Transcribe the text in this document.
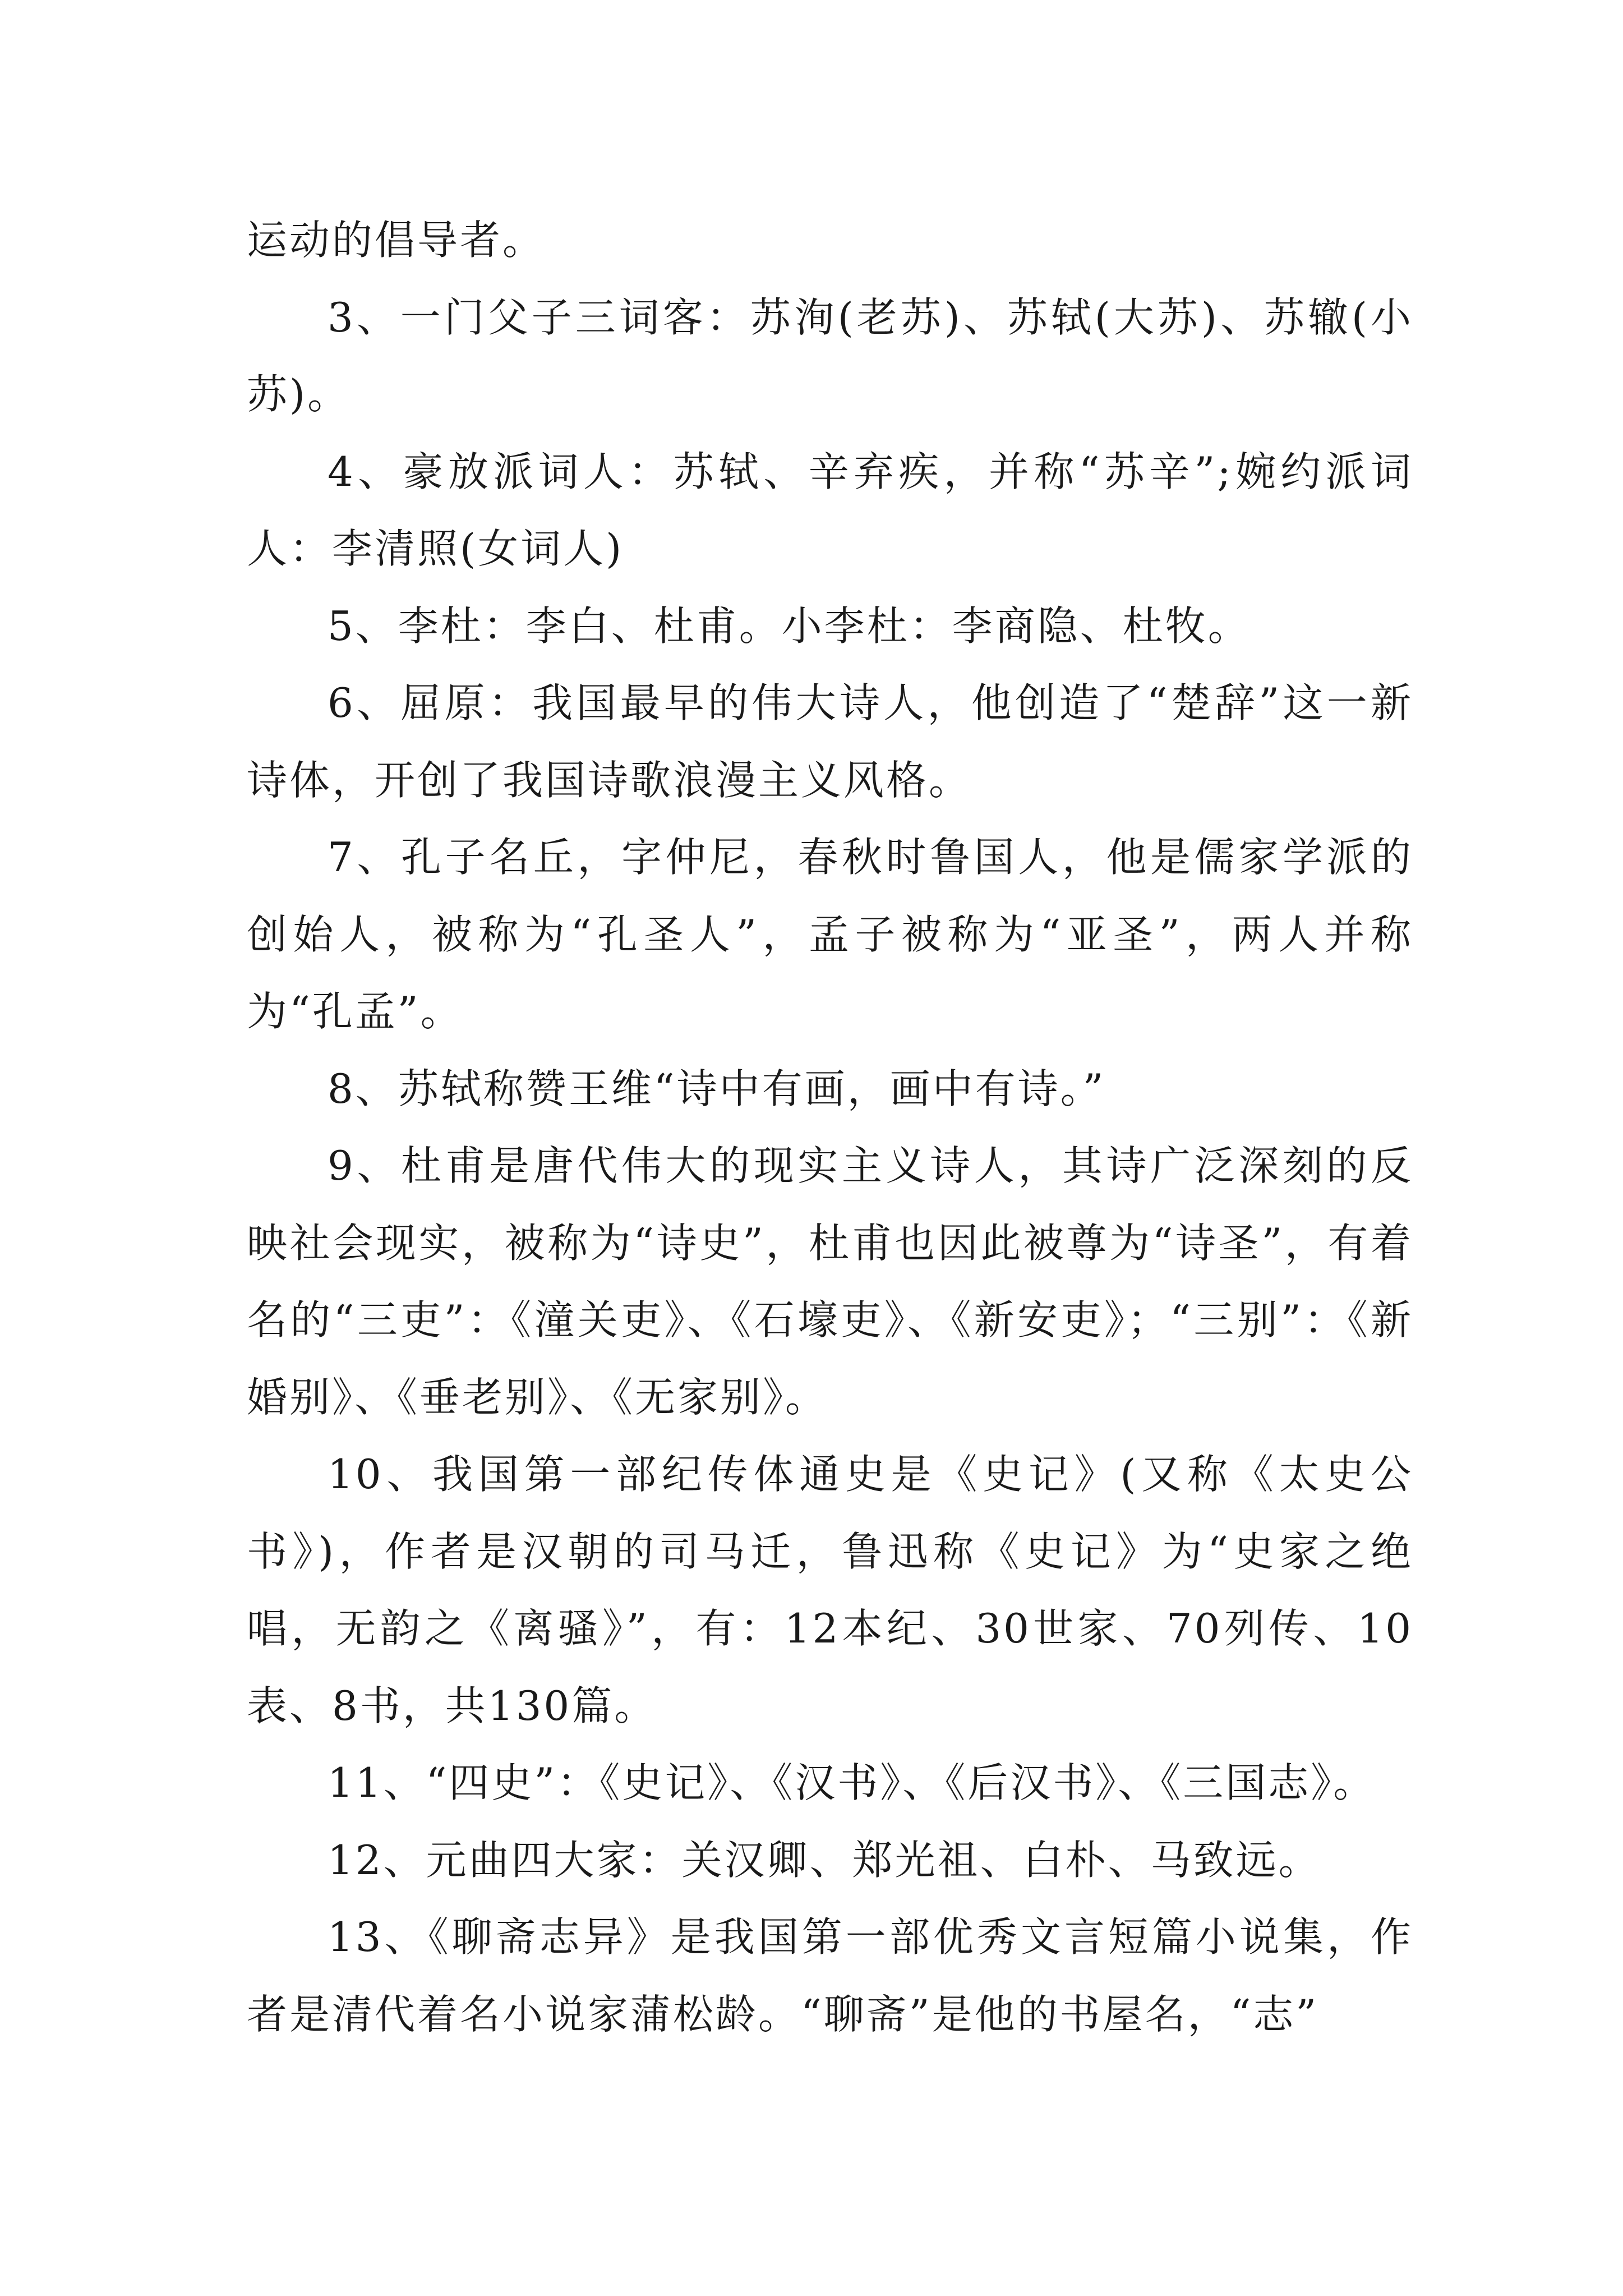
运动的倡导者。

3、一门父子三词客：苏洵(老苏)、苏轼(大苏)、苏辙(小苏)。

4、豪放派词人：苏轼、辛弃疾，并称“苏辛”;婉约派词人：李清照(女词人)

5、李杜：李白、杜甫。小李杜：李商隐、杜牧。

6、屈原：我国最早的伟大诗人，他创造了“楚辞”这一新诗体，开创了我国诗歌浪漫主义风格。

7、孔子名丘，字仲尼，春秋时鲁国人，他是儒家学派的创始人，被称为“孔圣人”，孟子被称为“亚圣”，两人并称为“孔孟”。

8、苏轼称赞王维“诗中有画，画中有诗。”

9、杜甫是唐代伟大的现实主义诗人，其诗广泛深刻的反映社会现实，被称为“诗史”，杜甫也因此被尊为“诗圣”，有着名的“三吏”：《潼关吏》、《石壕吏》、《新安吏》；“三别”：《新婚别》、《垂老别》、《无家别》。

10、我国第一部纪传体通史是《史记》(又称《太史公书》)，作者是汉朝的司马迁，鲁迅称《史记》为“史家之绝唱，无韵之《离骚》”，有：12本纪、30世家、70列传、10表、8书，共130篇。

11、“四史”：《史记》、《汉书》、《后汉书》、《三国志》。

12、元曲四大家：关汉卿、郑光祖、白朴、马致远。

13、《聊斋志异》是我国第一部优秀文言短篇小说集，作者是清代着名小说家蒲松龄。“聊斋”是他的书屋名，“志”
